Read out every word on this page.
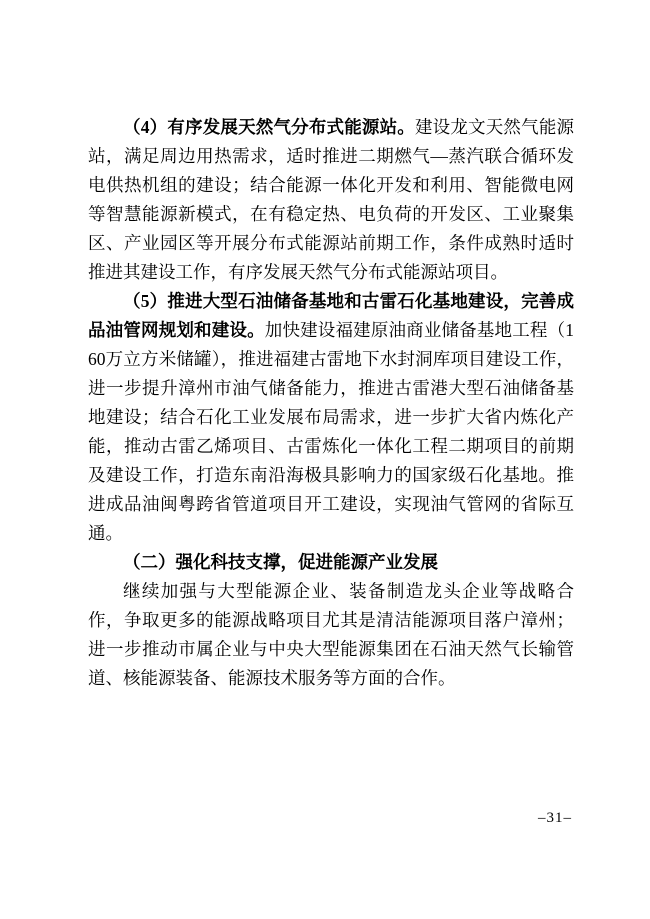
（4）有序发展天然气分布式能源站。建设龙文天然气能源站，满足周边用热需求，适时推进二期燃气—蒸汽联合循环发电供热机组的建设；结合能源一体化开发和利用、智能微电网等智慧能源新模式，在有稳定热、电负荷的开发区、工业聚集区、产业园区等开展分布式能源站前期工作，条件成熟时适时推进其建设工作，有序发展天然气分布式能源站项目。

（5）推进大型石油储备基地和古雷石化基地建设，完善成品油管网规划和建设。加快建设福建原油商业储备基地工程（160万立方米储罐），推进福建古雷地下水封洞库项目建设工作，进一步提升漳州市油气储备能力，推进古雷港大型石油储备基地建设；结合石化工业发展布局需求，进一步扩大省内炼化产能，推动古雷乙烯项目、古雷炼化一体化工程二期项目的前期及建设工作，打造东南沿海极具影响力的国家级石化基地。推进成品油闽粤跨省管道项目开工建设，实现油气管网的省际互通。

（二）强化科技支撑，促进能源产业发展

继续加强与大型能源企业、装备制造龙头企业等战略合作，争取更多的能源战略项目尤其是清洁能源项目落户漳州；进一步推动市属企业与中央大型能源集团在石油天然气长输管道、核能源装备、能源技术服务等方面的合作。

–31–
